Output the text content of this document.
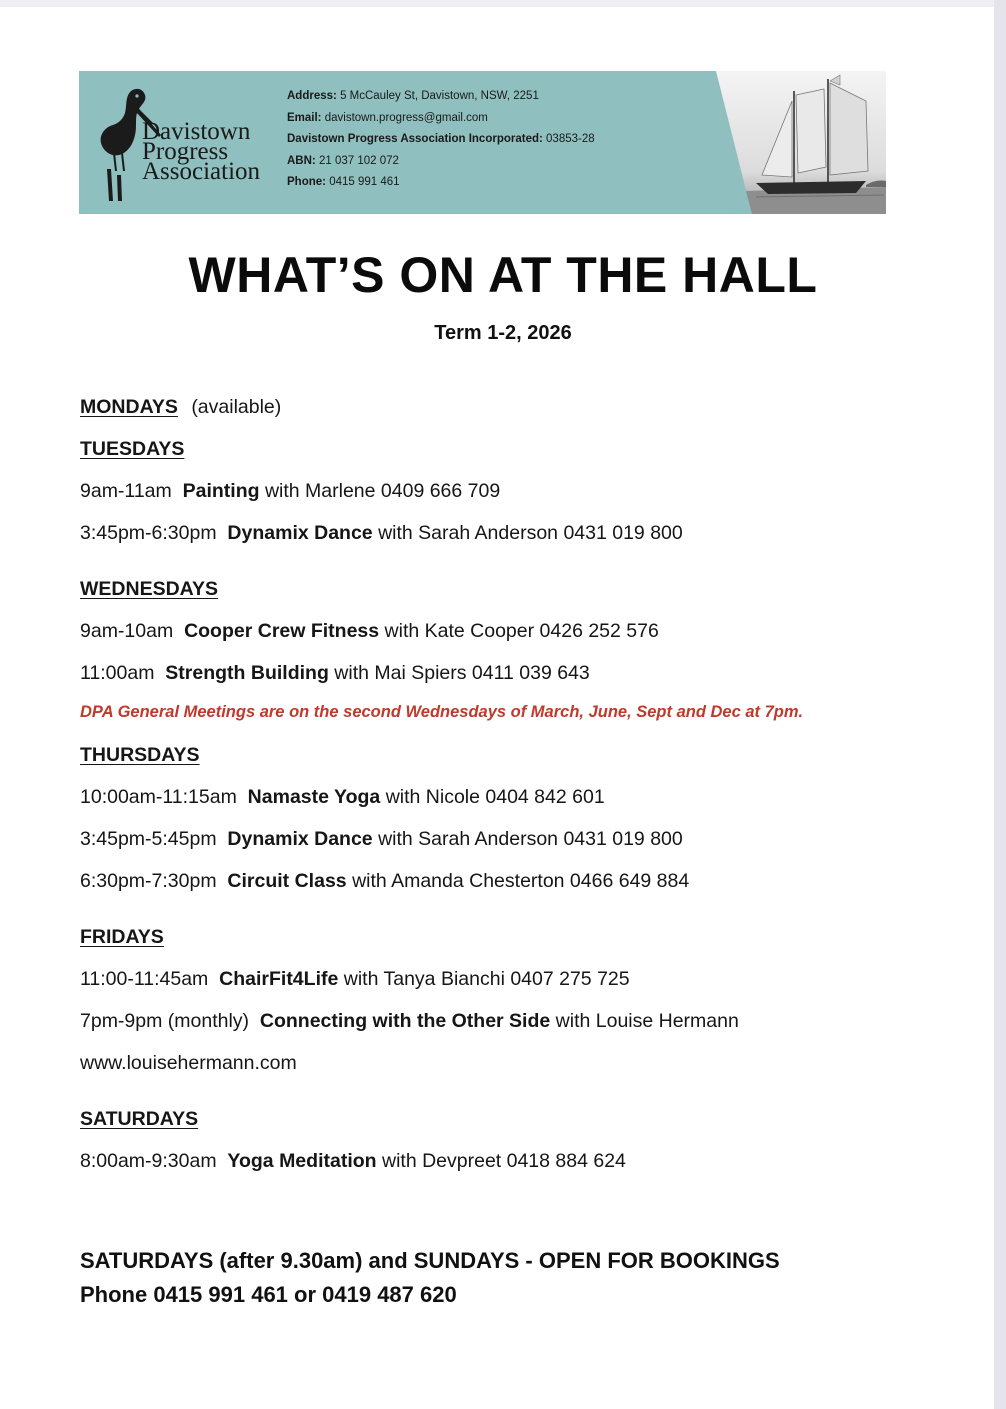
Davistown
Progress
Association
Address: 5 McCauley St, Davistown, NSW, 2251
Email: davistown.progress@gmail.com
Davistown Progress Association Incorporated: 03853-28
ABN: 21 037 102 072
Phone: 0415 991 461
WHAT’S ON AT THE HALL
Term 1-2, 2026
MONDAYS (available)
TUESDAYS
9am-11am Painting with Marlene 0409 666 709
3:45pm-6:30pm Dynamix Dance with Sarah Anderson 0431 019 800
WEDNESDAYS
9am-10am Cooper Crew Fitness with Kate Cooper 0426 252 576
11:00am Strength Building with Mai Spiers 0411 039 643
DPA General Meetings are on the second Wednesdays of March, June, Sept and Dec at 7pm.
THURSDAYS
10:00am-11:15am Namaste Yoga with Nicole 0404 842 601
3:45pm-5:45pm Dynamix Dance with Sarah Anderson 0431 019 800
6:30pm-7:30pm Circuit Class with Amanda Chesterton 0466 649 884
FRIDAYS
11:00-11:45am ChairFit4Life with Tanya Bianchi 0407 275 725
7pm-9pm (monthly) Connecting with the Other Side with Louise Hermann
www.louisehermann.com
SATURDAYS
8:00am-9:30am Yoga Meditation with Devpreet 0418 884 624
SATURDAYS (after 9.30am) and SUNDAYS - OPEN FOR BOOKINGS
Phone 0415 991 461 or 0419 487 620
